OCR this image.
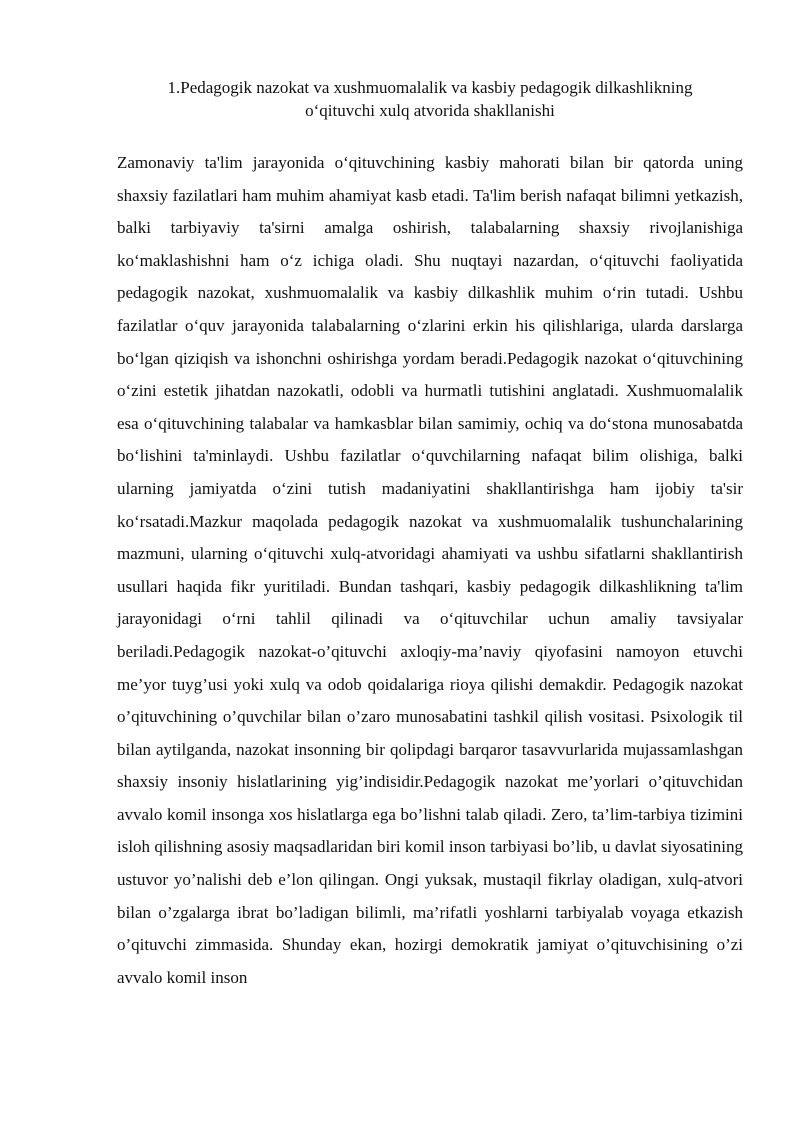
1.Pedagogik nazokat va xushmuomalalik va kasbiy pedagogik dilkashlikning
o‘qituvchi xulq atvorida shakllanishi

Zamonaviy ta'lim jarayonida o‘qituvchining kasbiy mahorati bilan bir qatorda uning shaxsiy fazilatlari ham muhim ahamiyat kasb etadi. Ta'lim berish nafaqat bilimni yetkazish, balki tarbiyaviy ta'sirni amalga oshirish, talabalarning shaxsiy rivojlanishiga ko‘maklashishni ham o‘z ichiga oladi. Shu nuqtayi nazardan, o‘qituvchi faoliyatida pedagogik nazokat, xushmuomalalik va kasbiy dilkashlik muhim o‘rin tutadi. Ushbu fazilatlar o‘quv jarayonida talabalarning o‘zlarini erkin his qilishlariga, ularda darslarga bo‘lgan qiziqish va ishonchni oshirishga yordam beradi.Pedagogik nazokat o‘qituvchining o‘zini estetik jihatdan nazokatli, odobli va hurmatli tutishini anglatadi. Xushmuomalalik esa o‘qituvchining talabalar va hamkasblar bilan samimiy, ochiq va do‘stona munosabatda bo‘lishini ta'minlaydi. Ushbu fazilatlar o‘quvchilarning nafaqat bilim olishiga, balki ularning jamiyatda o‘zini tutish madaniyatini shakllantirishga ham ijobiy ta'sir ko‘rsatadi.Mazkur maqolada pedagogik nazokat va xushmuomalalik tushunchalarining mazmuni, ularning o‘qituvchi xulq-atvoridagi ahamiyati va ushbu sifatlarni shakllantirish usullari haqida fikr yuritiladi. Bundan tashqari, kasbiy pedagogik dilkashlikning ta'lim jarayonidagi o‘rni tahlil qilinadi va o‘qituvchilar uchun amaliy tavsiyalar beriladi.Pedagogik nazokat-o’qituvchi axloqiy-ma’naviy qiyofasini namoyon etuvchi me’yor tuyg’usi yoki xulq va odob qoidalariga rioya qilishi demakdir. Pedagogik nazokat o’qituvchining o’quvchilar bilan o’zaro munosabatini tashkil qilish vositasi. Psixologik til bilan aytilganda, nazokat insonning bir qolipdagi barqaror tasavvurlarida mujassamlashgan shaxsiy insoniy hislatlarining yig’indisidir.Pedagogik nazokat me’yorlari o’qituvchidan avvalo komil insonga xos hislatlarga ega bo’lishni talab qiladi. Zero, ta’lim-tarbiya tizimini isloh qilishning asosiy maqsadlaridan biri komil inson tarbiyasi bo’lib, u davlat siyosatining ustuvor yo’nalishi deb e’lon qilingan. Ongi yuksak, mustaqil fikrlay oladigan, xulq-atvori bilan o’zgalarga ibrat bo’ladigan bilimli, ma’rifatli yoshlarni tarbiyalab voyaga etkazish o’qituvchi zimmasida. Shunday ekan, hozirgi demokratik jamiyat o’qituvchisining o’zi avvalo komil inson
